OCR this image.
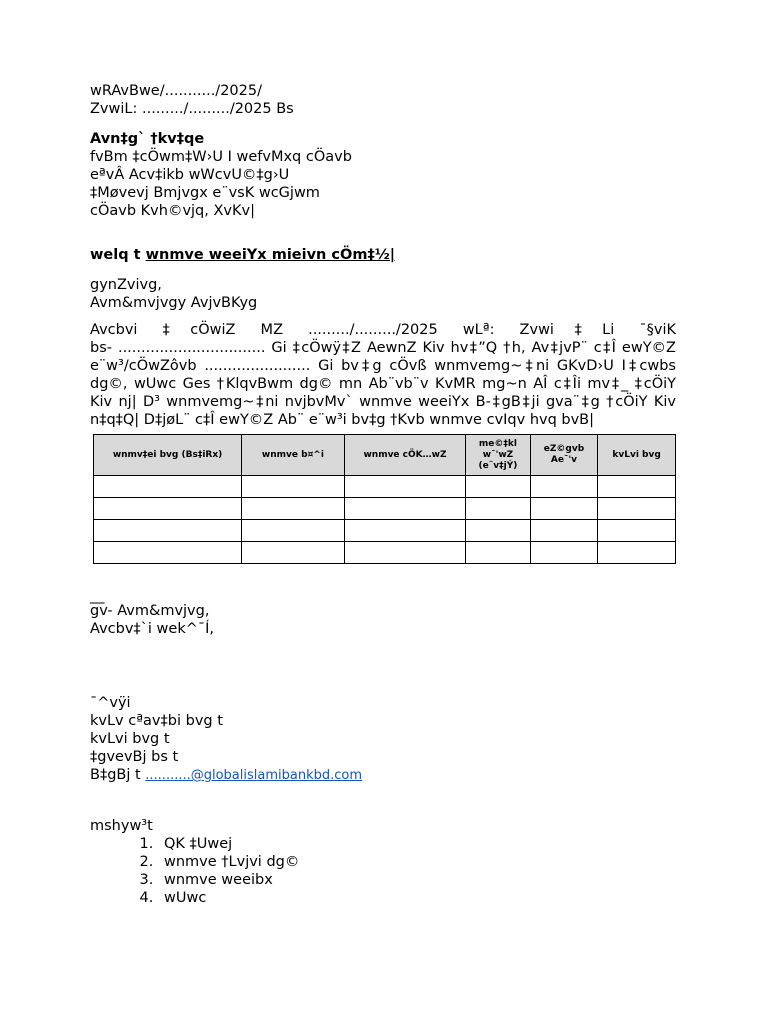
wRAvBwe/.........../2025/
ZvwiL: ........./........./2025 Bs
Avn‡g` †kv‡qe
fvBm ‡cÖwm‡W›U I wefvMxq cÖavb
eªvÂ Acv‡ikb wWcvU©‡g›U
‡Møvevj Bmjvgx e¨vsK wcGjwm
cÖavb Kvh©vjq, XvKv|
welq t wnmve weeiYx mieivn cÖm‡½|
gynZvivg,
Avm&mvjvgy AvjvBKyg
Avcbvi ‡cÖwiZ MZ ........./........./2025 wLª: Zvwi‡Li ¯§viK
bs- ................................ Gi ‡cÖwÿ‡Z AewnZ Kiv hv‡”Q †h, Av‡jvP¨ c‡Î ewY©Z
e¨w³/cÖwZôvb ....................... Gi bv‡g cÖvß wnmvemg~‡ni GKvD›U I‡cwbs
dg©, wUwc Ges †KlqvBwm dg© mn Ab¨vb¨v KvMR mg~n AÎ c‡Îi mv‡_ ‡cÖiY
Kiv nj| D³ wnmvemg~‡ni nvjbvMv` wnmve weeiYx B-‡gB‡ji gva¨‡g †cÖiY Kiv
n‡q‡Q| D‡jøL¨ c‡Î ewY©Z Ab¨ e¨w³i bv‡g †Kvb wnmve cvIqv hvq bvB|
wnmv‡ei bvg (Bs‡iRx)	wnmve b¤^i	wnmve cÖK…wZ	me©‡kl w¯'wZ (e¨v‡jÝ)	eZ©gvb Ae¯'v	kvLvi bvg

__
gv- Avm&mvjvg,
Avcbv‡`i wek^¯Í,
¯^vÿi
kvLv cªav‡bi bvg t
kvLvi bvg t
‡gvevBj bs t
B‡gBj t ...........@globalislamibankbd.com
mshyw³t
1. QK ‡Uwej
2. wnmve †Lvjvi dg©
3. wnmve weeibx
4. wUwc
